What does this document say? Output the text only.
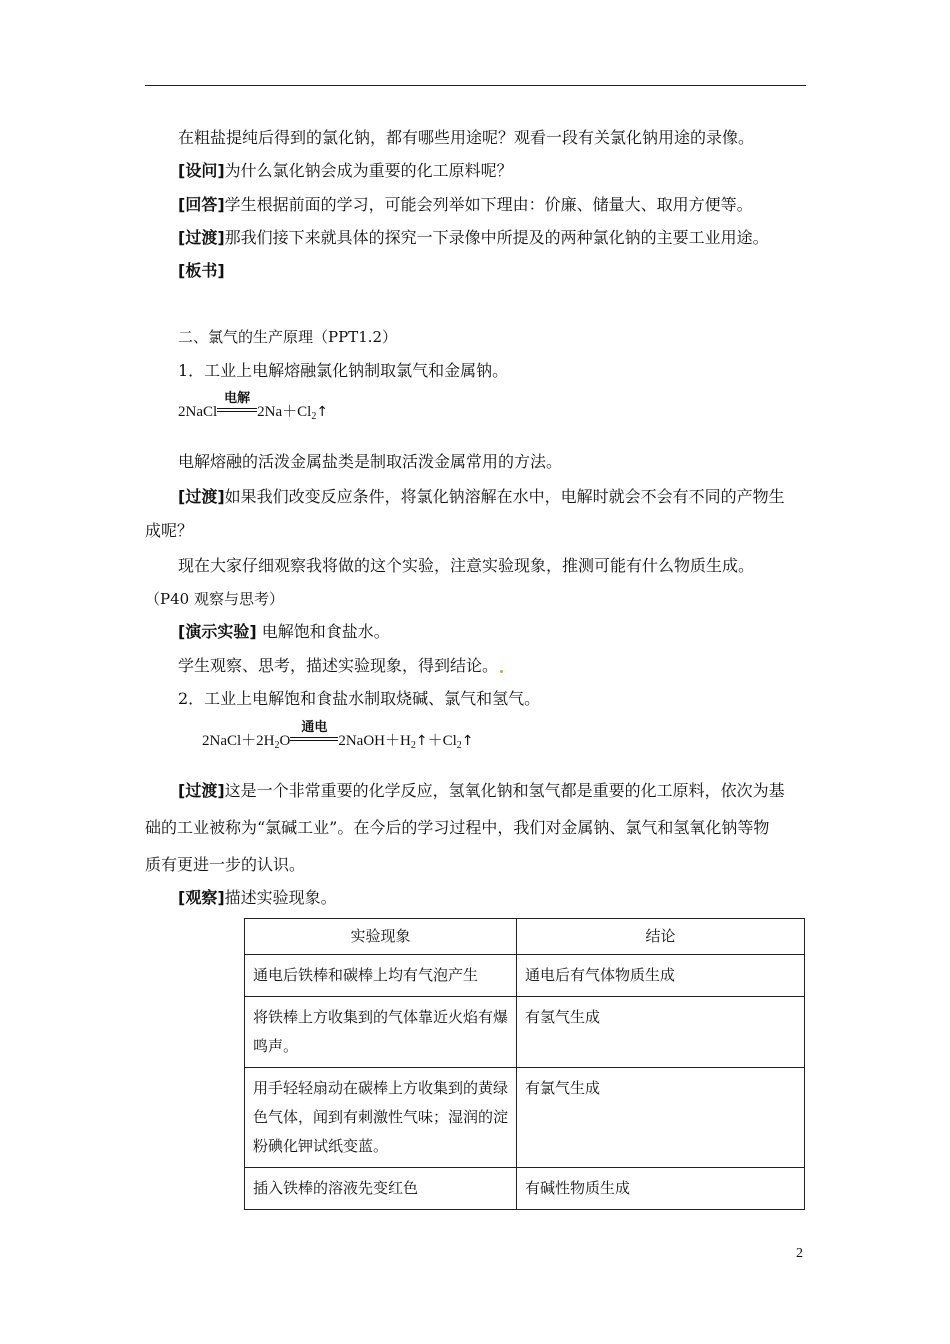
在粗盐提纯后得到的氯化钠，都有哪些用途呢？观看一段有关氯化钠用途的录像。
[设问]为什么氯化钠会成为重要的化工原料呢？
[回答]学生根据前面的学习，可能会列举如下理由：价廉、储量大、取用方便等。
[过渡]那我们接下来就具体的探究一下录像中所提及的两种氯化钠的主要工业用途。
[板书]
二、氯气的生产原理（PPT1.2）
1．工业上电解熔融氯化钠制取氯气和金属钠。
2NaCl
电解
$2Na+Cl_2↑$
电解熔融的活泼金属盐类是制取活泼金属常用的方法。
[过渡]如果我们改变反应条件，将氯化钠溶解在水中，电解时就会不会有不同的产物生
成呢？
现在大家仔细观察我将做的这个实验，注意实验现象，推测可能有什么物质生成。
（P40 观察与思考）
[演示实验] 电解饱和食盐水。
学生观察、思考，描述实验现象，得到结论。
2．工业上电解饱和食盐水制取烧碱、氯气和氢气。
$2NaCl+2H_2O$
通电
$2NaOH+H_2↑+Cl_2↑$
[过渡]这是一个非常重要的化学反应，氢氧化钠和氢气都是重要的化工原料，依次为基
础的工业被称为“氯碱工业”。在今后的学习过程中，我们对金属钠、氯气和氢氧化钠等物
质有更进一步的认识。
[观察]描述实验现象。
实验现象	结论
通电后铁棒和碳棒上均有气泡产生	通电后有气体物质生成
将铁棒上方收集到的气体靠近火焰有爆鸣声。	有氢气生成
用手轻轻扇动在碳棒上方收集到的黄绿色气体，闻到有刺激性气味；湿润的淀粉碘化钾试纸变蓝。	有氯气生成
插入铁棒的溶液先变红色	有碱性物质生成
2
